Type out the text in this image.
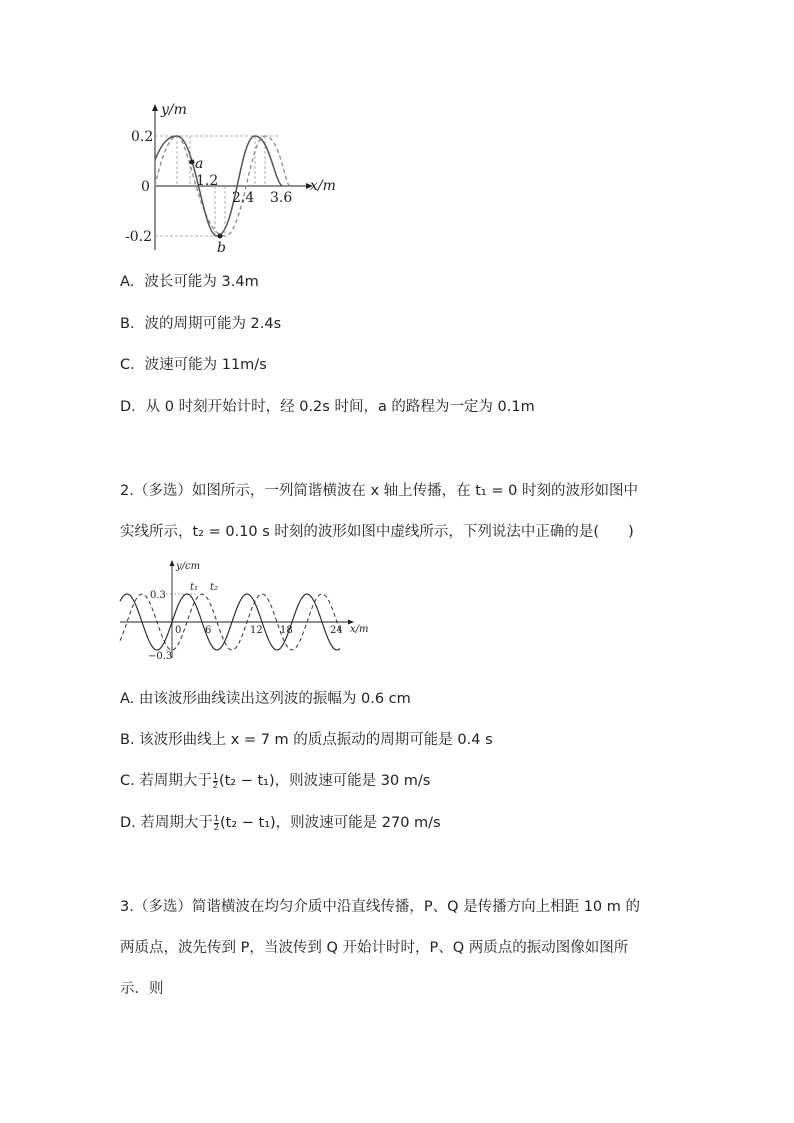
y/m
x/m
0.2
0
-0.2
1.2
2.4 3.6
a
b
A．波长可能为 3.4m
B．波的周期可能为 2.4s
C．波速可能为 11m/s
D．从 0 时刻开始计时，经 0.2s 时间，a 的路程为一定为 0.1m
2.（多选）如图所示，一列简谐横波在 x 轴上传播，在 t₁ = 0 时刻的波形如图中
实线所示，t₂ = 0.10 s 时刻的波形如图中虚线所示，下列说法中正确的是(　　)
y/cm
x/m
0.3
−0.3
0 6	12 18	24
t₁ t₂
A. 由该波形曲线读出这列波的振幅为 0.6 cm
B. 该波形曲线上 x = 7 m 的质点振动的周期可能是 0.4 s
C. 若周期大于 $\frac{1}{2} (t_2 - t_1)$，则波速可能是 30 m/s
D. 若周期大于 $\frac{1}{2} (t_2 - t_1)$，则波速可能是 270 m/s
3.（多选）简谐横波在均匀介质中沿直线传播，P、Q 是传播方向上相距 10 m 的
两质点，波先传到 P，当波传到 Q 开始计时时，P、Q 两质点的振动图像如图所
示．则
